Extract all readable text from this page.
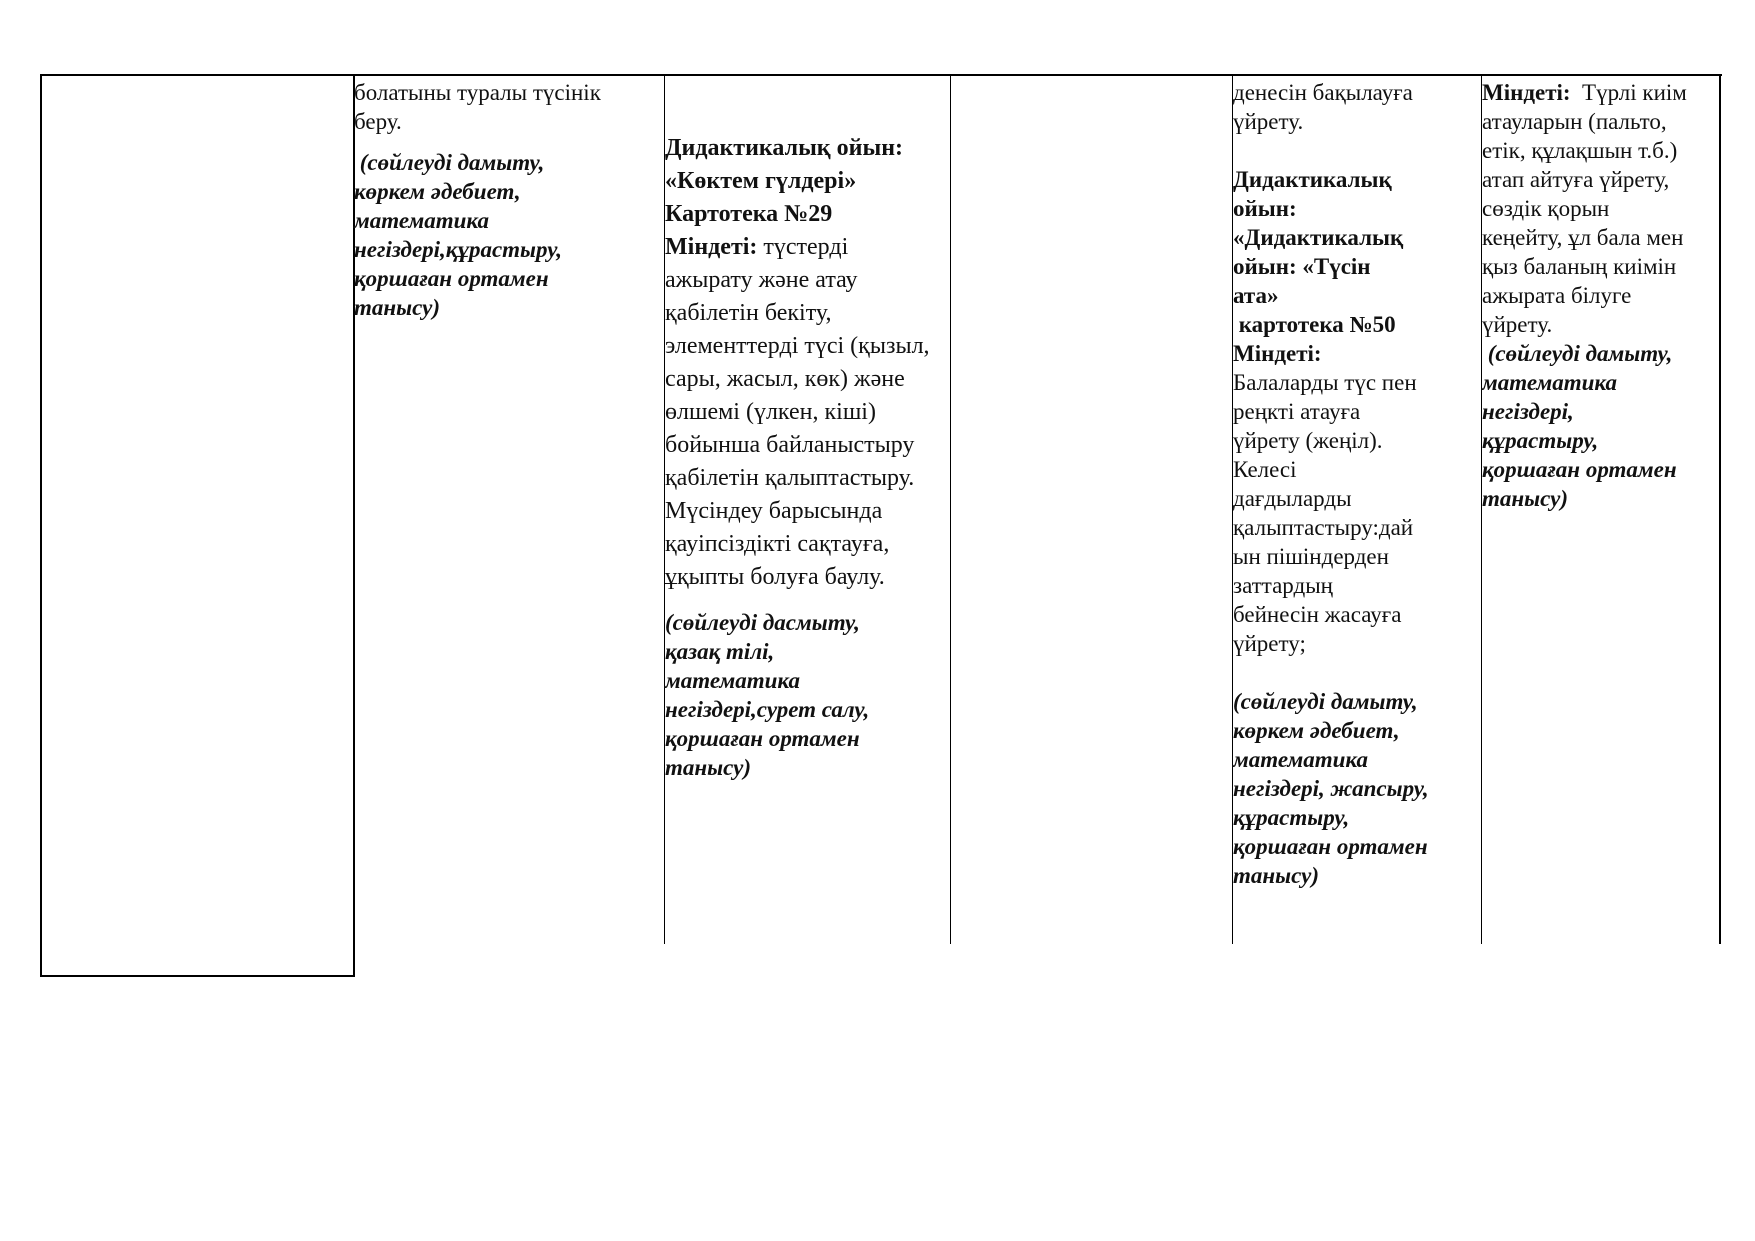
болатыны туралы түсінік

беру.

(сөйлеуді дамыту,

көркем әдебиет,

математика

негіздері,құрастыру,

қоршаған ортамен

танысу)

Дидактикалық ойын:

«Көктем гүлдері»

Картотека №29

Міндеті: түстерді

ажырату және атау

қабілетін бекіту,

элементтерді түсі (қызыл,

сары, жасыл, көк) және

өлшемі (үлкен, кіші)

бойынша байланыстыру

қабілетін қалыптастыру.

Мүсіндеу барысында

қауіпсіздікті сақтауға,

ұқыпты болуға баулу.

(сөйлеуді дасмыту,

қазақ тілі,

математика

негіздері,сурет салу,

қоршаған ортамен

танысу)

денесін бақылауға

үйрету.

Дидактикалық

ойын:

«Дидактикалық

ойын: «Түсін

ата»

картотека №50

Міндеті:

Балаларды түс пен

реңкті атауға

үйрету (жеңіл).

Келесі

дағдыларды

қалыптастыру:дай

ын пішіндерден

заттардың

бейнесін жасауға

үйрету;

(сөйлеуді дамыту,

көркем әдебиет,

математика

негіздері, жапсыру,

құрастыру,

қоршаған ортамен

танысу)

Міндеті:  Түрлі киім

атауларын (пальто,

етік, құлақшын т.б.)

атап айтуға үйрету,

сөздік қорын

кеңейту, ұл бала мен

қыз баланың киімін

ажырата білуге

үйрету.

(сөйлеуді дамыту,

математика

негіздері,

құрастыру,

қоршаған ортамен

танысу)
